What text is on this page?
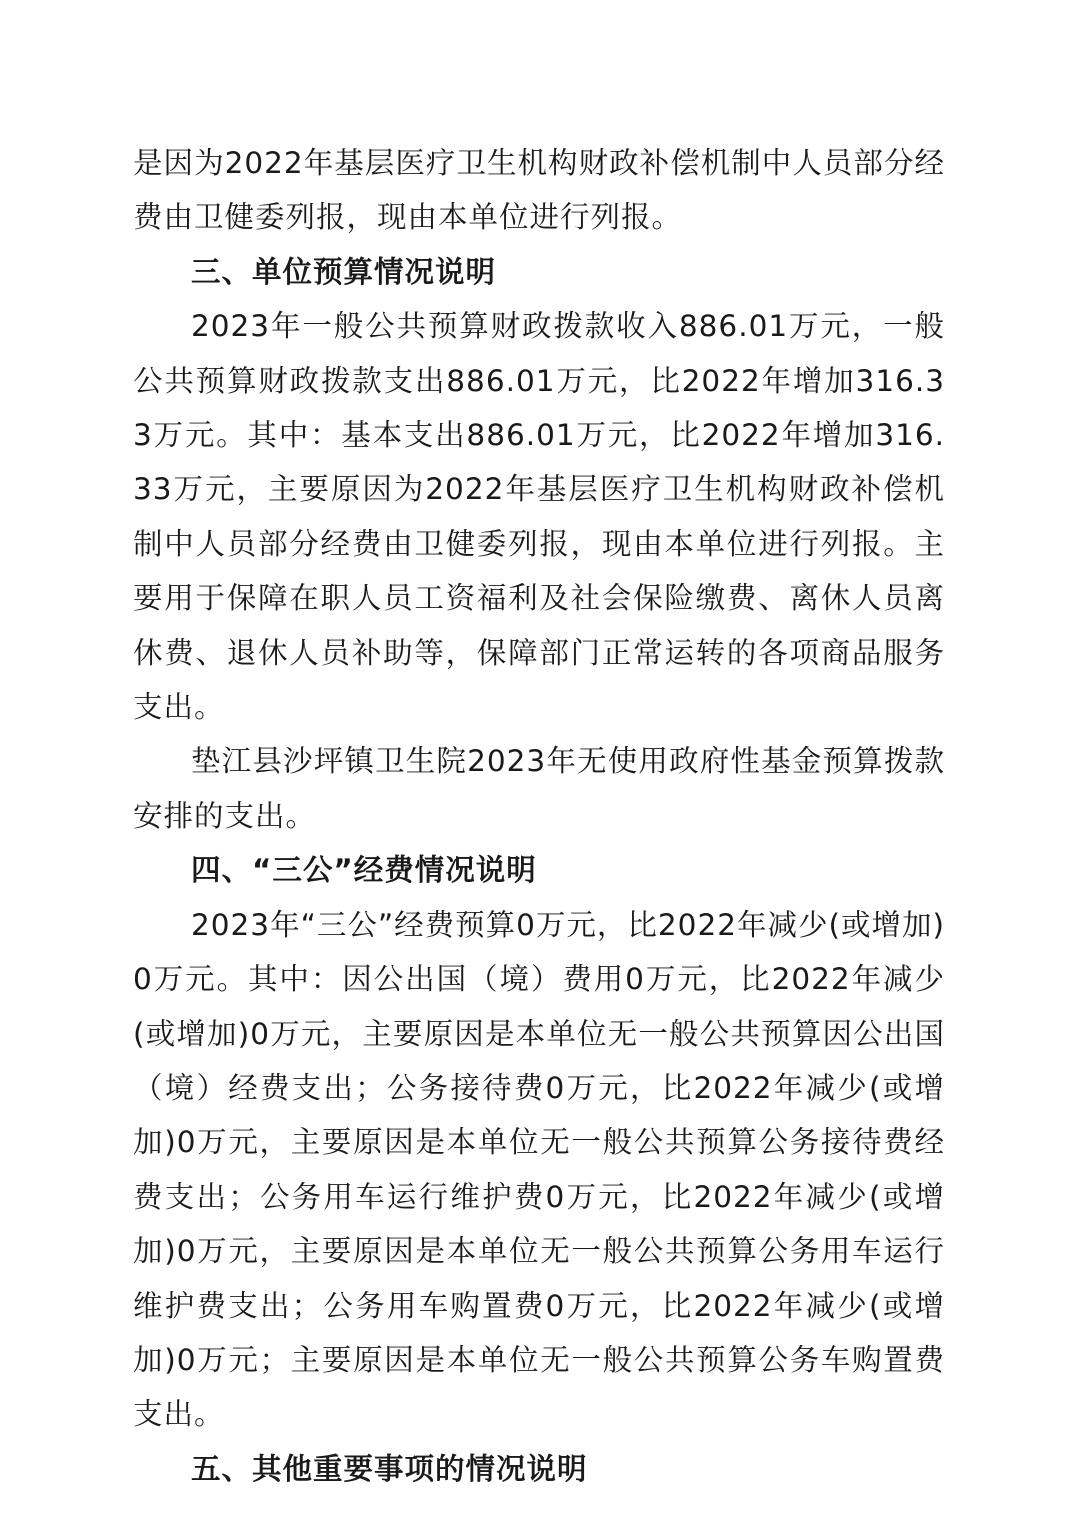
是因为2022年基层医疗卫生机构财政补偿机制中人员部分经费由卫健委列报，现由本单位进行列报。

三、单位预算情况说明

2023年一般公共预算财政拨款收入886.01万元，一般公共预算财政拨款支出886.01万元，比2022年增加316.33万元。其中：基本支出886.01万元，比2022年增加316.33万元，主要原因为2022年基层医疗卫生机构财政补偿机制中人员部分经费由卫健委列报，现由本单位进行列报。主要用于保障在职人员工资福利及社会保险缴费、离休人员离休费、退休人员补助等，保障部门正常运转的各项商品服务支出。

垫江县沙坪镇卫生院2023年无使用政府性基金预算拨款安排的支出。

四、“三公”经费情况说明

2023年“三公”经费预算0万元，比2022年减少(或增加)0万元。其中：因公出国（境）费用0万元，比2022年减少(或增加)0万元，主要原因是本单位无一般公共预算因公出国（境）经费支出；公务接待费0万元，比2022年减少(或增加)0万元，主要原因是本单位无一般公共预算公务接待费经费支出；公务用车运行维护费0万元，比2022年减少(或增加)0万元，主要原因是本单位无一般公共预算公务用车运行维护费支出；公务用车购置费0万元，比2022年减少(或增加)0万元；主要原因是本单位无一般公共预算公务车购置费支出。

五、其他重要事项的情况说明
